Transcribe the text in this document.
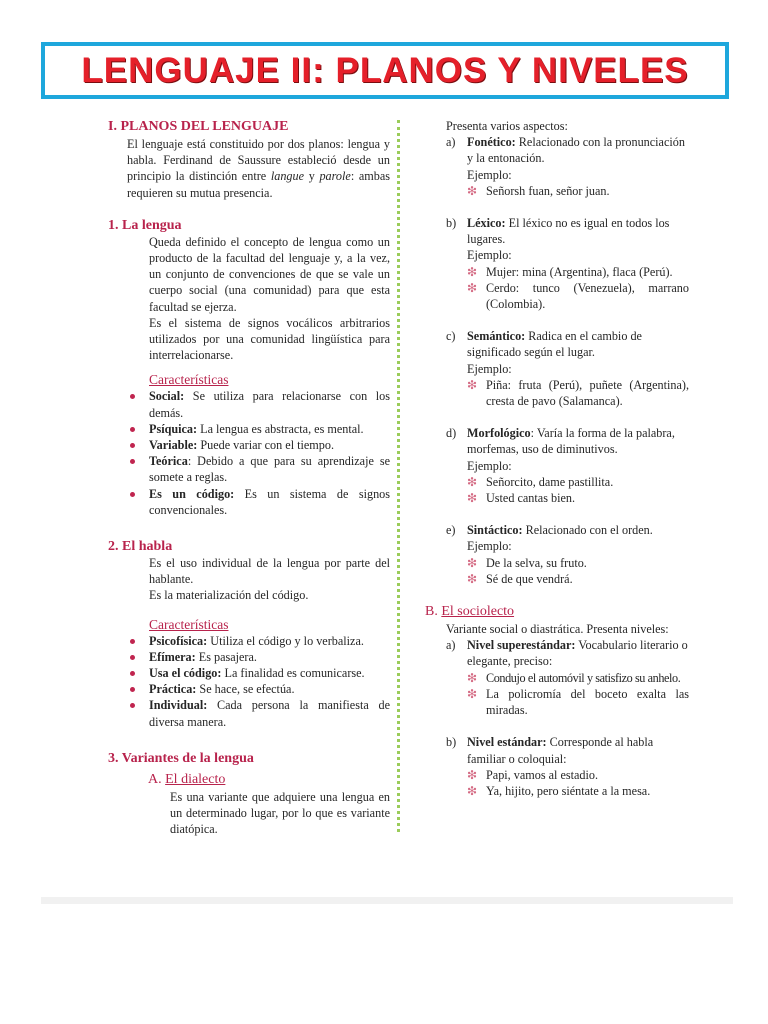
LENGUAJE II: PLANOS Y NIVELES
I. PLANOS DEL LENGUAJE

El lenguaje está constituido por dos planos: lengua y habla. Ferdinand de Saussure estableció desde un principio la distinción entre langue y parole: ambas requieren su mutua presencia.

1. La lengua

Queda definido el concepto de lengua como un producto de la facultad del lenguaje y, a la vez, un conjunto de convenciones de que se vale un cuerpo social (una comunidad) para que esta facultad se ejerza.

Es el sistema de signos vocálicos arbitrarios utilizados por una comunidad lingüística para interrelacionarse.

Características
Social: Se utiliza para relacionarse con los demás.
Psíquica: La lengua es abstracta, es mental.
Variable: Puede variar con el tiempo.
Teórica: Debido a que para su aprendizaje se somete a reglas.
Es un código: Es un sistema de signos convencionales.
2. El habla

Es el uso individual de la lengua por parte del hablante.

Es la materialización del código.

Características
Psicofísica: Utiliza el código y lo verbaliza.
Efímera: Es pasajera.
Usa el código: La finalidad es comunicarse.
Práctica: Se hace, se efectúa.
Individual: Cada persona la manifiesta de diversa manera.
3. Variantes de la lengua
A. El dialecto

Es una variante que adquiere una lengua en un determinado lugar, por lo que es variante diatópica.

Presenta varios aspectos:

a) Fonético: Relacionado con la pronunciación y la entonación.
Ejemplo:
❇ Señorsh fuan, señor juan.
b) Léxico: El léxico no es igual en todos los lugares.
Ejemplo:
❇ Mujer: mina (Argentina), flaca (Perú).
❇ Cerdo: tunco (Venezuela), marrano (Colombia).
c) Semántico: Radica en el cambio de significado según el lugar.
Ejemplo:
❇ Piña: fruta (Perú), puñete (Argentina), cresta de pavo (Salamanca).
d) Morfológico: Varía la forma de la palabra, morfemas, uso de diminutivos.
Ejemplo:
❇ Señorcito, dame pastillita.
❇ Usted cantas bien.
e) Sintáctico: Relacionado con el orden.
Ejemplo:
❇ De la selva, su fruto.
❇ Sé de que vendrá.
B. El sociolecto

Variante social o diastrática. Presenta niveles:

a) Nivel superestándar: Vocabulario literario o elegante, preciso:
❇ Condujo el automóvil y satisfizo su anhelo.
❇ La policromía del boceto exalta las miradas.
b) Nivel estándar: Corresponde al habla familiar o coloquial:
❇ Papi, vamos al estadio.
❇ Ya, hijito, pero siéntate a la mesa.
